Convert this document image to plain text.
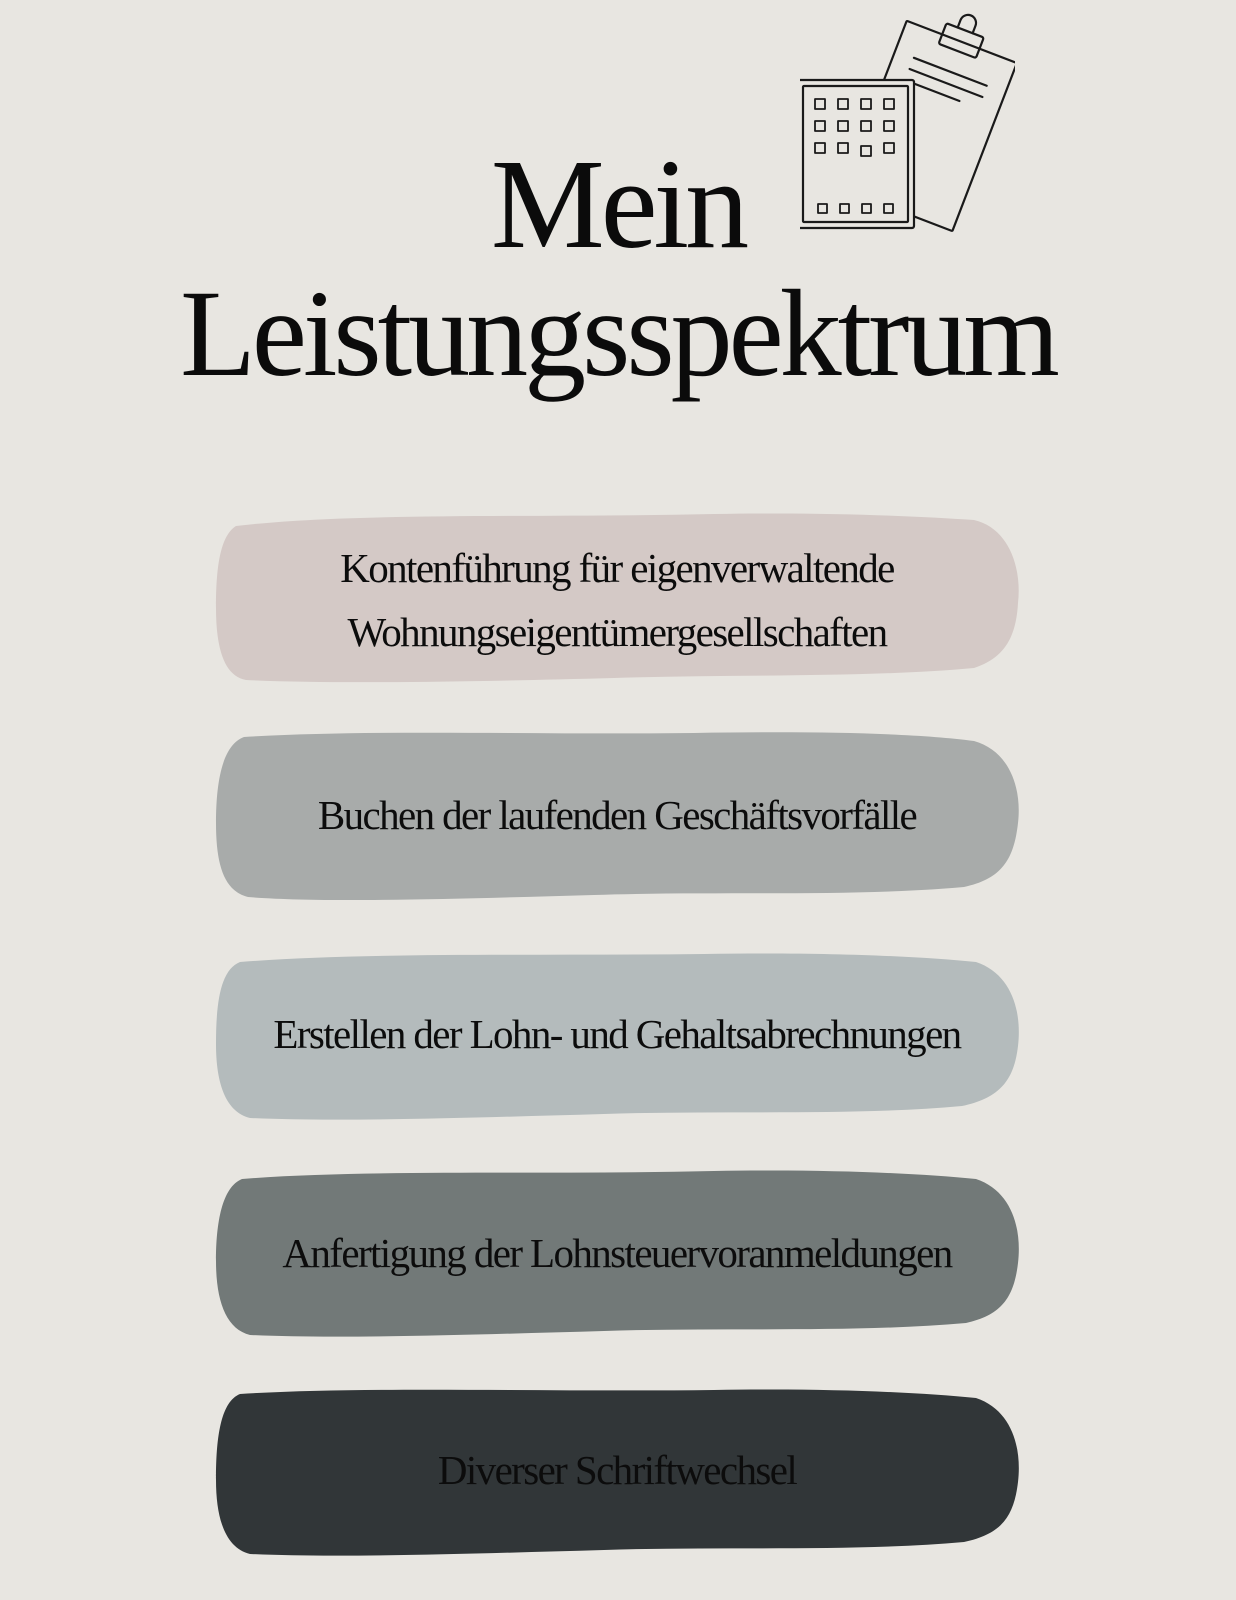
Mein
Leistungsspektrum
Kontenführung für eigenverwaltende
Wohnungseigentümergesellschaften
Buchen der laufenden Geschäftsvorfälle
Erstellen der Lohn- und Gehaltsabrechnungen
Anfertigung der Lohnsteuervoranmeldungen
Diverser Schriftwechsel
